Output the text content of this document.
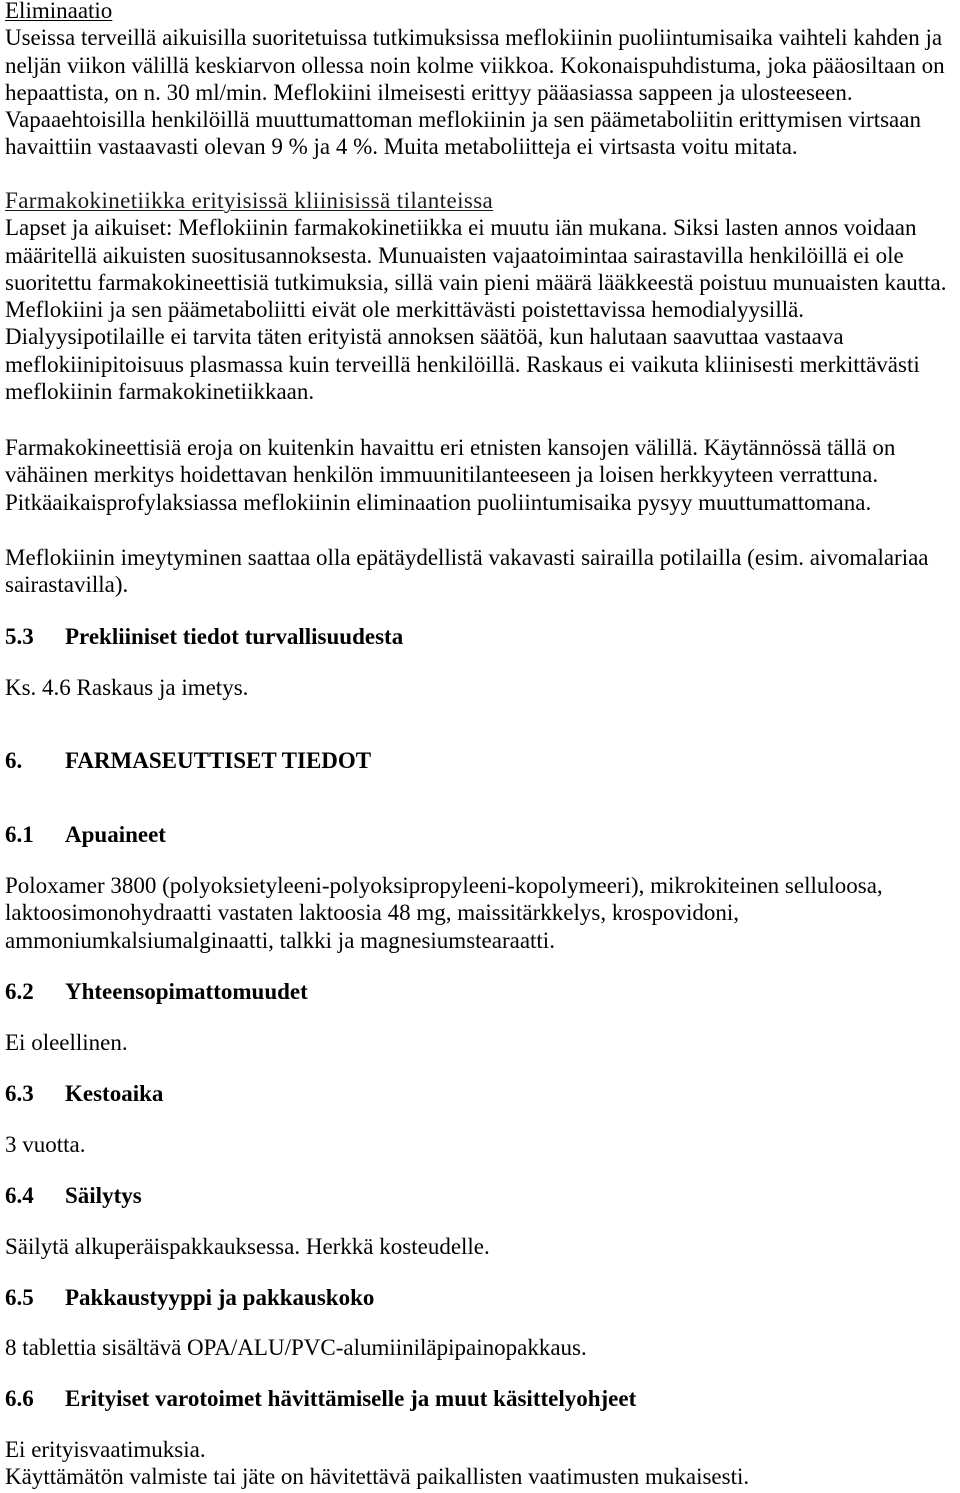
Eliminaatio
Useissa terveillä aikuisilla suoritetuissa tutkimuksissa meflokiinin puoliintumisaika vaihteli kahden ja
neljän viikon välillä keskiarvon ollessa noin kolme viikkoa. Kokonaispuhdistuma, joka pääosiltaan on
hepaattista, on n. 30 ml/min. Meflokiini ilmeisesti erittyy pääasiassa sappeen ja ulosteeseen.
Vapaaehtoisilla henkilöillä muuttumattoman meflokiinin ja sen päämetaboliitin erittymisen virtsaan
havaittiin vastaavasti olevan 9 % ja 4 %. Muita metaboliitteja ei virtsasta voitu mitata.
Farmakokinetiikka erityisissä kliinisissä tilanteissa
Lapset ja aikuiset: Meflokiinin farmakokinetiikka ei muutu iän mukana. Siksi lasten annos voidaan
määritellä aikuisten suositusannoksesta. Munuaisten vajaatoimintaa sairastavilla henkilöillä ei ole
suoritettu farmakokineettisiä tutkimuksia, sillä vain pieni määrä lääkkeestä poistuu munuaisten kautta.
Meflokiini ja sen päämetaboliitti eivät ole merkittävästi poistettavissa hemodialyysillä.
Dialyysipotilaille ei tarvita täten erityistä annoksen säätöä, kun halutaan saavuttaa vastaava
meflokiinipitoisuus plasmassa kuin terveillä henkilöillä. Raskaus ei vaikuta kliinisesti merkittävästi
meflokiinin farmakokinetiikkaan.
Farmakokineettisiä eroja on kuitenkin havaittu eri etnisten kansojen välillä. Käytännössä tällä on
vähäinen merkitys hoidettavan henkilön immuunitilanteeseen ja loisen herkkyyteen verrattuna.
Pitkäaikaisprofylaksiassa meflokiinin eliminaation puoliintumisaika pysyy muuttumattomana.
Meflokiinin imeytyminen saattaa olla epätäydellistä vakavasti sairailla potilailla (esim. aivomalariaa
sairastavilla).
5.3	Prekliiniset tiedot turvallisuudesta
Ks. 4.6 Raskaus ja imetys.
6.	FARMASEUTTISET TIEDOT
6.1	Apuaineet
Poloxamer 3800 (polyoksietyleeni-polyoksipropyleeni-kopolymeeri), mikrokiteinen selluloosa,
laktoosimonohydraatti vastaten laktoosia 48 mg, maissitärkkelys, krospovidoni,
ammoniumkalsiumalginaatti, talkki ja magnesiumstearaatti.
6.2	Yhteensopimattomuudet
Ei oleellinen.
6.3	Kestoaika
3 vuotta.
6.4	Säilytys
Säilytä alkuperäispakkauksessa. Herkkä kosteudelle.
6.5	Pakkaustyyppi ja pakkauskoko
8 tablettia sisältävä OPA/ALU/PVC-alumiiniläpipainopakkaus.
6.6	Erityiset varotoimet hävittämiselle ja muut käsittelyohjeet
Ei erityisvaatimuksia.
Käyttämätön valmiste tai jäte on hävitettävä paikallisten vaatimusten mukaisesti.
